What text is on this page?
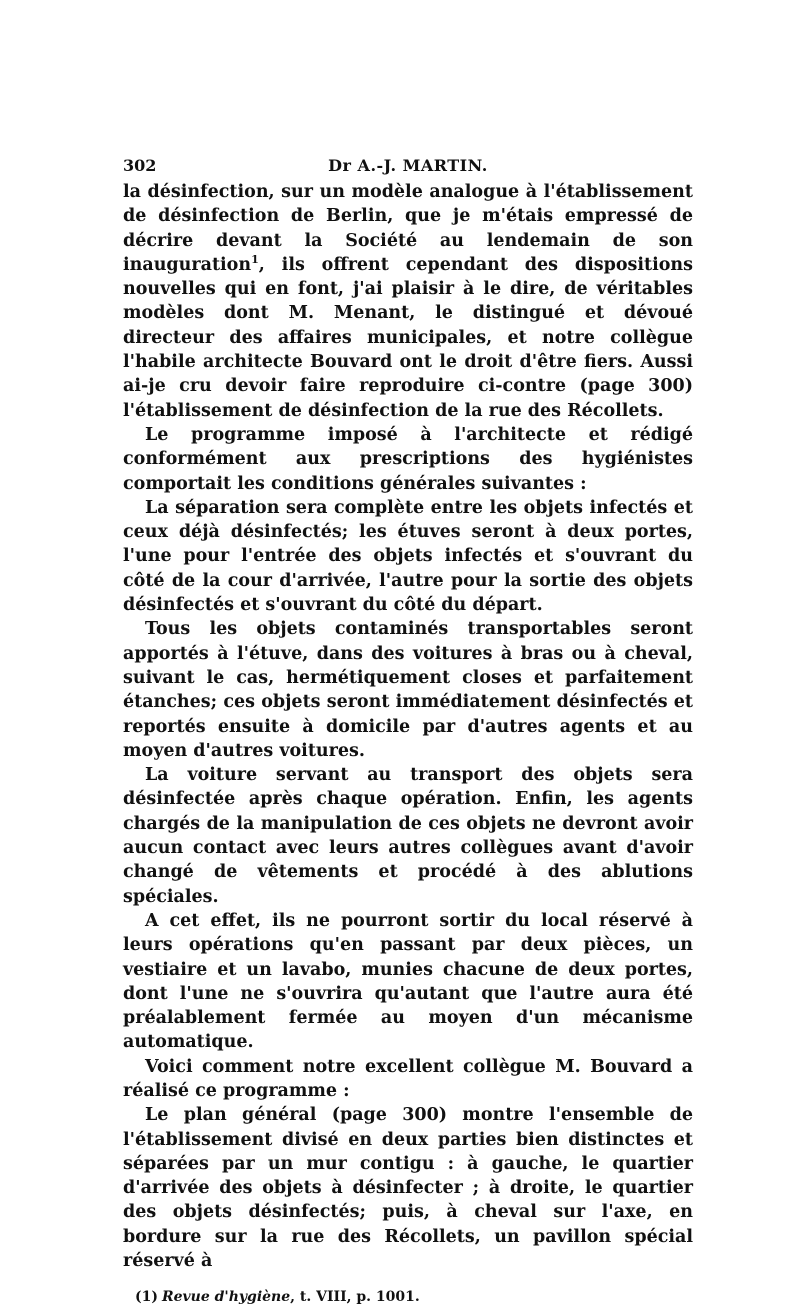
302	Dr A.-J. MARTIN.

la désinfection, sur un modèle analogue à l'établissement de désinfection de Berlin, que je m'étais empressé de décrire devant la Société au lendemain de son inauguration$^1$, ils offrent cependant des dispositions nouvelles qui en font, j'ai plaisir à le dire, de véritables modèles dont M. Menant, le distingué et dévoué directeur des affaires municipales, et notre collègue l'habile architecte Bouvard ont le droit d'être fiers. Aussi ai-je cru devoir faire reproduire ci-contre (page 300) l'établissement de désinfection de la rue des Récollets.

Le programme imposé à l'architecte et rédigé conformément aux prescriptions des hygiénistes comportait les conditions générales suivantes :

La séparation sera complète entre les objets infectés et ceux déjà désinfectés; les étuves seront à deux portes, l'une pour l'entrée des objets infectés et s'ouvrant du côté de la cour d'arrivée, l'autre pour la sortie des objets désinfectés et s'ouvrant du côté du départ.

Tous les objets contaminés transportables seront apportés à l'étuve, dans des voitures à bras ou à cheval, suivant le cas, hermétiquement closes et parfaitement étanches; ces objets seront immédiatement désinfectés et reportés ensuite à domicile par d'autres agents et au moyen d'autres voitures.

La voiture servant au transport des objets sera désinfectée après chaque opération. Enfin, les agents chargés de la manipulation de ces objets ne devront avoir aucun contact avec leurs autres collègues avant d'avoir changé de vêtements et procédé à des ablutions spéciales.

A cet effet, ils ne pourront sortir du local réservé à leurs opérations qu'en passant par deux pièces, un vestiaire et un lavabo, munies chacune de deux portes, dont l'une ne s'ouvrira qu'autant que l'autre aura été préalablement fermée au moyen d'un mécanisme automatique.

Voici comment notre excellent collègue M. Bouvard a réalisé ce programme :

Le plan général (page 300) montre l'ensemble de l'établissement divisé en deux parties bien distinctes et séparées par un mur contigu : à gauche, le quartier d'arrivée des objets à désinfecter ; à droite, le quartier des objets désinfectés; puis, à cheval sur l'axe, en bordure sur la rue des Récollets, un pavillon spécial réservé à

(1) Revue d'hygiène, t. VIII, p. 1001.
